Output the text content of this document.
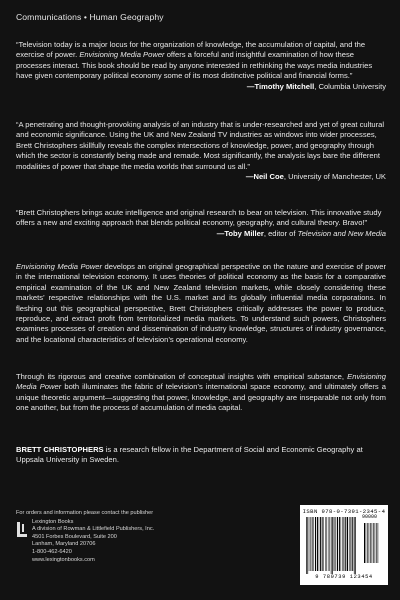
Communications • Human Geography

“Television today is a major locus for the organization of knowledge, the accumulation of capital, and the exercise of power. Envisioning Media Power offers a forceful and insightful examination of how these processes interact. This book should be read by anyone interested in rethinking the ways media industries have given contemporary political economy some of its most distinctive political and financial forms.”

—Timothy Mitchell, Columbia University

“A penetrating and thought-provoking analysis of an industry that is under-researched and yet of great cultural and economic significance. Using the UK and New Zealand TV industries as windows into wider processes, Brett Christophers skillfully reveals the complex intersections of knowledge, power, and geography through which the sector is constantly being made and remade. Most significantly, the analysis lays bare the different modalities of power that shape the media worlds that surround us all.”

—Neil Coe, University of Manchester, UK

“Brett Christophers brings acute intelligence and original research to bear on television. This innovative study offers a new and exciting approach that blends political economy, geography, and cultural theory. Bravo!”

—Toby Miller, editor of Television and New Media

Envisioning Media Power develops an original geographical perspective on the nature and exercise of power in the international television economy. It uses theories of political economy as the basis for a comparative empirical examination of the UK and New Zealand television markets, while closely considering these markets’ respective relationships with the U.S. market and its globally influential media corporations. In fleshing out this geographical perspective, Brett Christophers critically addresses the power to produce, reproduce, and extract profit from territorialized media markets. To understand such powers, Christophers examines processes of creation and dissemination of industry knowledge, structures of industry governance, and the locational characteristics of television’s operational economy.

Through its rigorous and creative combination of conceptual insights with empirical substance, Envisioning Media Power both illuminates the fabric of television’s international space economy, and ultimately offers a unique theoretic argument—suggesting that power, knowledge, and geography are inseparable not only from one another, but from the process of accumulation of media capital.

BRETT CHRISTOPHERS is a research fellow in the Department of Social and Economic Geography at Uppsala University in Sweden.
For orders and information please contact the publisher
Lexington Books
A division of Rowman & Littlefield Publishers, Inc.
4501 Forbes Boulevard, Suite 200
Lanham, Maryland 20706
1-800-462-6420
www.lexingtonbooks.com
ISBN 978-0-7391-2345-4
90000
9 780739 123454
